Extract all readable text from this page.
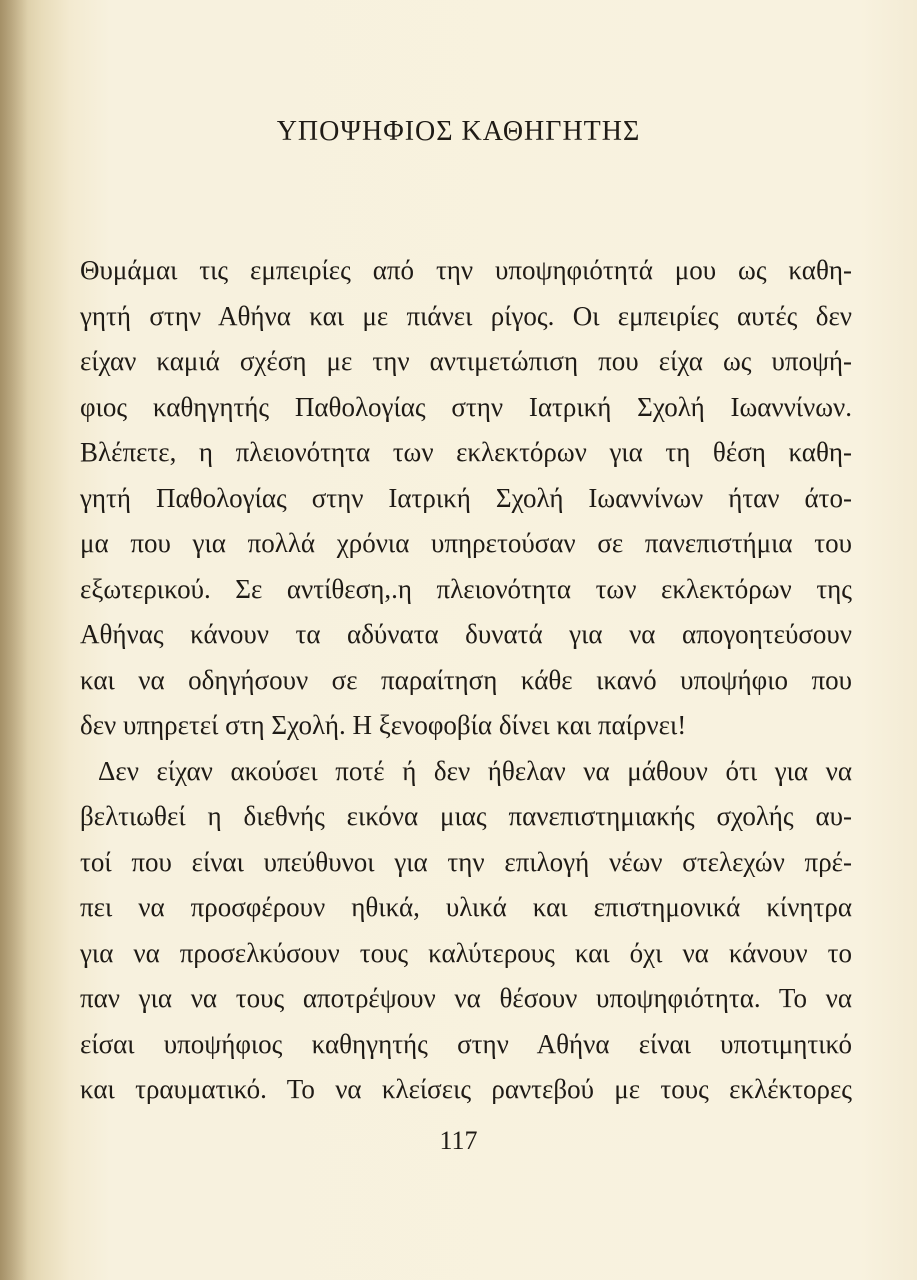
ΥΠΟΨΗΦΙΟΣ ΚΑΘΗΓΗΤΗΣ
Θυμάμαι τις εμπειρίες από την υποψηφιότητά μου ως καθη-
γητή στην Αθήνα και με πιάνει ρίγος. Οι εμπειρίες αυτές δεν
είχαν καμιά σχέση με την αντιμετώπιση που είχα ως υποψή-
φιος καθηγητής Παθολογίας στην Ιατρική Σχολή Ιωαννίνων.
Βλέπετε, η πλειονότητα των εκλεκτόρων για τη θέση καθη-
γητή Παθολογίας στην Ιατρική Σχολή Ιωαννίνων ήταν άτο-
μα που για πολλά χρόνια υπηρετούσαν σε πανεπιστήμια του
εξωτερικού. Σε αντίθεση,.η πλειονότητα των εκλεκτόρων της
Αθήνας κάνουν τα αδύνατα δυνατά για να απογοητεύσουν
και να οδηγήσουν σε παραίτηση κάθε ικανό υποψήφιο που
δεν υπηρετεί στη Σχολή. Η ξενοφοβία δίνει και παίρνει!
Δεν είχαν ακούσει ποτέ ή δεν ήθελαν να μάθουν ότι για να
βελτιωθεί η διεθνής εικόνα μιας πανεπιστημιακής σχολής αυ-
τοί που είναι υπεύθυνοι για την επιλογή νέων στελεχών πρέ-
πει να προσφέρουν ηθικά, υλικά και επιστημονικά κίνητρα
για να προσελκύσουν τους καλύτερους και όχι να κάνουν το
παν για να τους αποτρέψουν να θέσουν υποψηφιότητα. Το να
είσαι υποψήφιος καθηγητής στην Αθήνα είναι υποτιμητικό
και τραυματικό. Το να κλείσεις ραντεβού με τους εκλέκτορες
117
